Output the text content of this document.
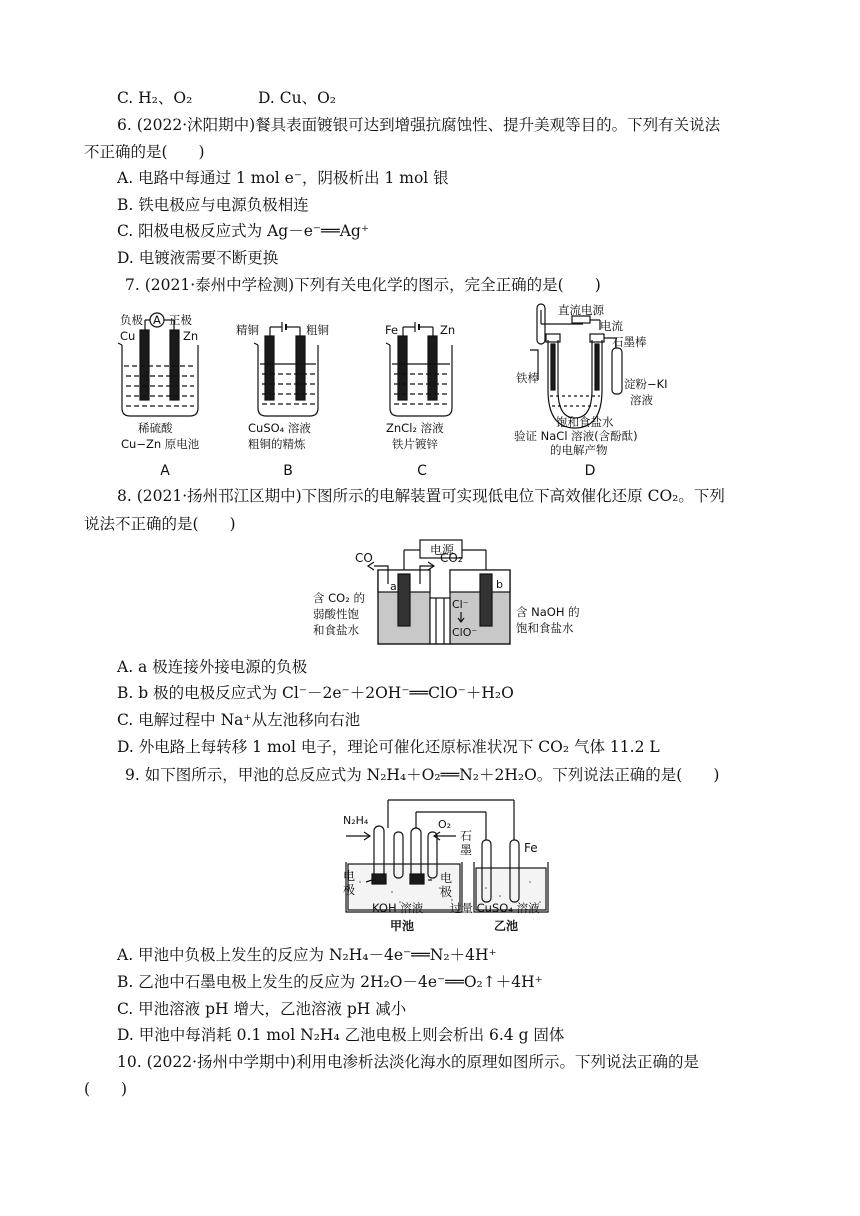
C. H₂、O₂	D. Cu、O₂
6. (2022·沭阳期中)餐具表面镀银可达到增强抗腐蚀性、提升美观等目的。下列有关说法
不正确的是(　　)
A. 电路中每通过 1 mol e⁻，阴极析出 1 mol 银
B. 铁电极应与电源负极相连
C. 阳极电极反应式为 Ag－e⁻══Ag⁺
D. 电镀液需要不断更换
7. (2021·泰州中学检测)下列有关电化学的图示，完全正确的是(　　)
负极 A 正极
Cu	Zn
稀硫酸
Cu−Zn 原电池
A
精铜	粗铜
CuSO₄ 溶液
粗铜的精炼
B
Fe	Zn
ZnCl₂ 溶液
铁片镀锌
C
直流电源
电流
石墨棒
铁棒	淀粉−KI
溶液
饱和食盐水
验证 NaCl 溶液(含酚酞)
的电解产物
D
8. (2021·扬州邗江区期中)下图所示的电解装置可实现低电位下高效催化还原 CO₂。下列
说法不正确的是(　　)
电源
CO	CO₂
a	b
含 CO₂ 的
弱酸性饱
和食盐水
Cl⁻
ClO⁻
含 NaOH 的
饱和食盐水
A. a 极连接外接电源的负极
B. b 极的电极反应式为 Cl⁻－2e⁻＋2OH⁻══ClO⁻＋H₂O
C. 电解过程中 Na⁺从左池移向右池
D. 外电路上每转移 1 mol 电子，理论可催化还原标准状况下 CO₂ 气体 11.2 L
9. 如下图所示，甲池的总反应式为 N₂H₄＋O₂══N₂＋2H₂O。下列说法正确的是(　　)
N₂H₄	O₂
石
墨	Fe
电
极
电
极
KOH 溶液
甲池
过量 CuSO₄ 溶液
乙池
A. 甲池中负极上发生的反应为 N₂H₄－4e⁻══N₂＋4H⁺
B. 乙池中石墨电极上发生的反应为 2H₂O－4e⁻══O₂↑＋4H⁺
C. 甲池溶液 pH 增大，乙池溶液 pH 减小
D. 甲池中每消耗 0.1 mol N₂H₄ 乙池电极上则会析出 6.4 g 固体
10. (2022·扬州中学期中)利用电渗析法淡化海水的原理如图所示。下列说法正确的是
(　　)
